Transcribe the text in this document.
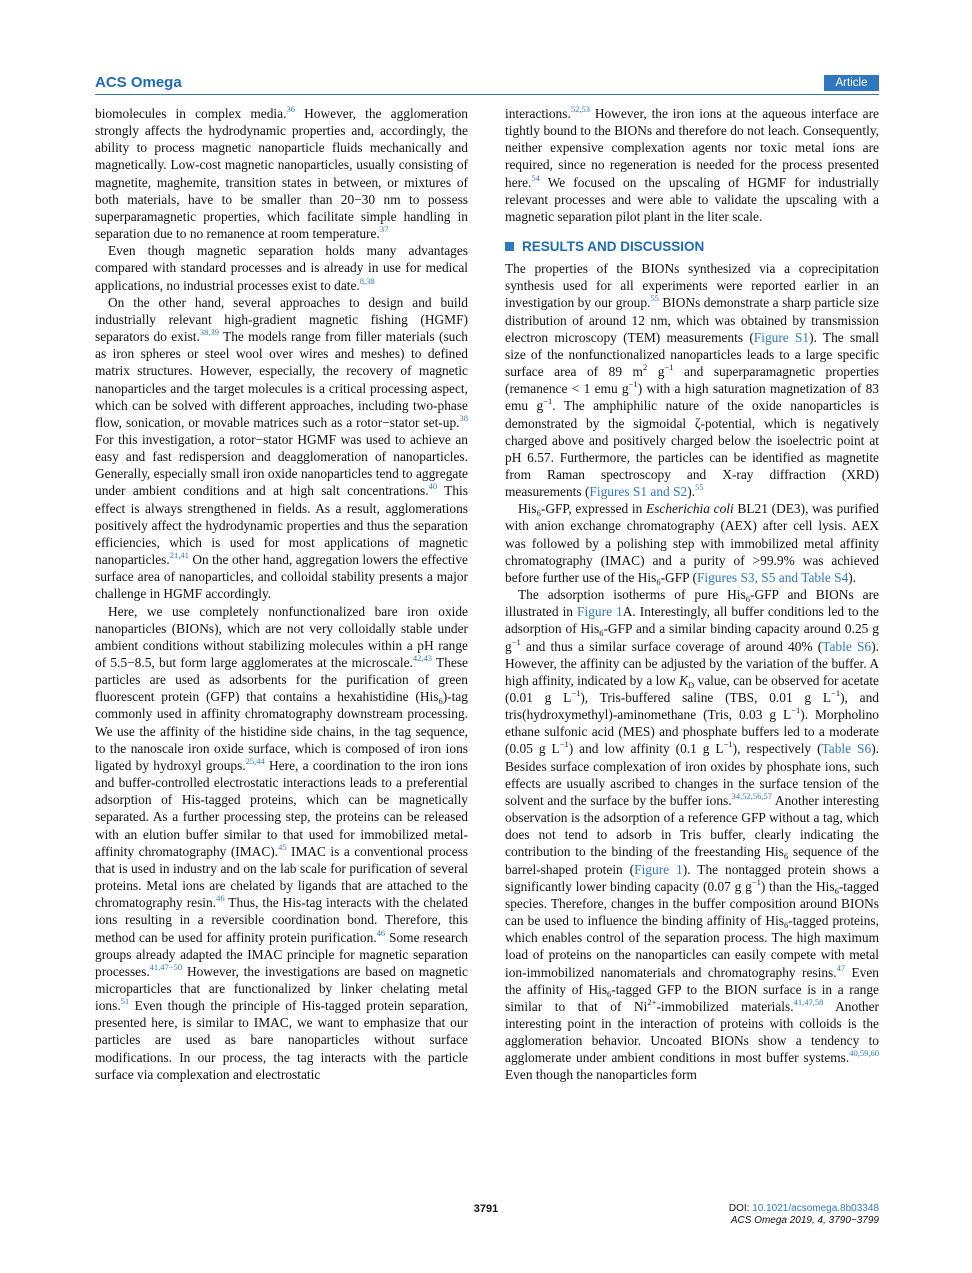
ACS Omega	Article

biomolecules in complex media.$^{36}$ However, the agglomeration strongly affects the hydrodynamic properties and, accordingly, the ability to process magnetic nanoparticle fluids mechanically and magnetically. Low-cost magnetic nanoparticles, usually consisting of magnetite, maghemite, transition states in between, or mixtures of both materials, have to be smaller than 20−30 nm to possess superparamagnetic properties, which facilitate simple handling in separation due to no remanence at room temperature.$^{37}$

Even though magnetic separation holds many advantages compared with standard processes and is already in use for medical applications, no industrial processes exist to date.$^{8,38}$

On the other hand, several approaches to design and build industrially relevant high-gradient magnetic fishing (HGMF) separators do exist.$^{38,39}$ The models range from filler materials (such as iron spheres or steel wool over wires and meshes) to defined matrix structures. However, especially, the recovery of magnetic nanoparticles and the target molecules is a critical processing aspect, which can be solved with different approaches, including two-phase flow, sonication, or movable matrices such as a rotor−stator set-up.$^{38}$ For this investigation, a rotor−stator HGMF was used to achieve an easy and fast redispersion and deagglomeration of nanoparticles. Generally, especially small iron oxide nanoparticles tend to aggregate under ambient conditions and at high salt concentrations.$^{40}$ This effect is always strengthened in fields. As a result, agglomerations positively affect the hydrodynamic properties and thus the separation efficiencies, which is used for most applications of magnetic nanoparticles.$^{21,41}$ On the other hand, aggregation lowers the effective surface area of nanoparticles, and colloidal stability presents a major challenge in HGMF accordingly.

Here, we use completely nonfunctionalized bare iron oxide nanoparticles (BIONs), which are not very colloidally stable under ambient conditions without stabilizing molecules within a pH range of 5.5−8.5, but form large agglomerates at the microscale.$^{42,43}$ These particles are used as adsorbents for the purification of green fluorescent protein (GFP) that contains a hexahistidine (His$_6$)-tag commonly used in affinity chromatography downstream processing. We use the affinity of the histidine side chains, in the tag sequence, to the nanoscale iron oxide surface, which is composed of iron ions ligated by hydroxyl groups.$^{25,44}$ Here, a coordination to the iron ions and buffer-controlled electrostatic interactions leads to a preferential adsorption of His-tagged proteins, which can be magnetically separated. As a further processing step, the proteins can be released with an elution buffer similar to that used for immobilized metal-affinity chromatography (IMAC).$^{45}$ IMAC is a conventional process that is used in industry and on the lab scale for purification of several proteins. Metal ions are chelated by ligands that are attached to the chromatography resin.$^{46}$ Thus, the His-tag interacts with the chelated ions resulting in a reversible coordination bond. Therefore, this method can be used for affinity protein purification.$^{46}$ Some research groups already adapted the IMAC principle for magnetic separation processes.$^{41,47-50}$ However, the investigations are based on magnetic microparticles that are functionalized by linker chelating metal ions.$^{51}$ Even though the principle of His-tagged protein separation, presented here, is similar to IMAC, we want to emphasize that our particles are used as bare nanoparticles without surface modifications. In our process, the tag interacts with the particle surface via complexation and electrostatic

interactions.$^{52,53}$ However, the iron ions at the aqueous interface are tightly bound to the BIONs and therefore do not leach. Consequently, neither expensive complexation agents nor toxic metal ions are required, since no regeneration is needed for the process presented here.$^{54}$ We focused on the upscaling of HGMF for industrially relevant processes and were able to validate the upscaling with a magnetic separation pilot plant in the liter scale.

RESULTS AND DISCUSSION

The properties of the BIONs synthesized via a coprecipitation synthesis used for all experiments were reported earlier in an investigation by our group.$^{55}$ BIONs demonstrate a sharp particle size distribution of around 12 nm, which was obtained by transmission electron microscopy (TEM) measurements (Figure S1). The small size of the nonfunctionalized nanoparticles leads to a large specific surface area of 89 $m^2$ $g^{-1}$ and superparamagnetic properties (remanence < 1 emu $g^{-1}$) with a high saturation magnetization of 83 emu $g^{-1}$. The amphiphilic nature of the oxide nanoparticles is demonstrated by the sigmoidal ζ-potential, which is negatively charged above and positively charged below the isoelectric point at pH 6.57. Furthermore, the particles can be identified as magnetite from Raman spectroscopy and X-ray diffraction (XRD) measurements (Figures S1 and S2).$^{55}$

His$_6$-GFP, expressed in Escherichia coli BL21 (DE3), was purified with anion exchange chromatography (AEX) after cell lysis. AEX was followed by a polishing step with immobilized metal affinity chromatography (IMAC) and a purity of >99.9% was achieved before further use of the His$_6$-GFP (Figures S3, S5 and Table S4).

The adsorption isotherms of pure His$_6$-GFP and BIONs are illustrated in Figure 1A. Interestingly, all buffer conditions led to the adsorption of His$_6$-GFP and a similar binding capacity around 0.25 g $g^{-1}$ and thus a similar surface coverage of around 40% (Table S6). However, the affinity can be adjusted by the variation of the buffer. A high affinity, indicated by a low $K_D$ value, can be observed for acetate (0.01 g $L^{-1}$), Tris-buffered saline (TBS, 0.01 g $L^{-1}$), and tris(hydroxymethyl)-aminomethane (Tris, 0.03 g $L^{-1}$). Morpholino ethane sulfonic acid (MES) and phosphate buffers led to a moderate (0.05 g $L^{-1}$) and low affinity (0.1 g $L^{-1}$), respectively (Table S6). Besides surface complexation of iron oxides by phosphate ions, such effects are usually ascribed to changes in the surface tension of the solvent and the surface by the buffer ions.$^{34,52,56,57}$ Another interesting observation is the adsorption of a reference GFP without a tag, which does not tend to adsorb in Tris buffer, clearly indicating the contribution to the binding of the freestanding His$_6$ sequence of the barrel-shaped protein (Figure 1). The nontagged protein shows a significantly lower binding capacity (0.07 g $g^{-1}$) than the His$_6$-tagged species. Therefore, changes in the buffer composition around BIONs can be used to influence the binding affinity of His$_6$-tagged proteins, which enables control of the separation process. The high maximum load of proteins on the nanoparticles can easily compete with metal ion-immobilized nanomaterials and chromatography resins.$^{47}$ Even the affinity of His$_6$-tagged GFP to the BION surface is in a range similar to that of $Ni^{2+}$-immobilized materials.$^{41,47,58}$ Another interesting point in the interaction of proteins with colloids is the agglomeration behavior. Uncoated BIONs show a tendency to agglomerate under ambient conditions in most buffer systems.$^{40,59,60}$ Even though the nanoparticles form

3791	DOI: 10.1021/acsomega.8b03348
ACS Omega 2019, 4, 3790−3799
